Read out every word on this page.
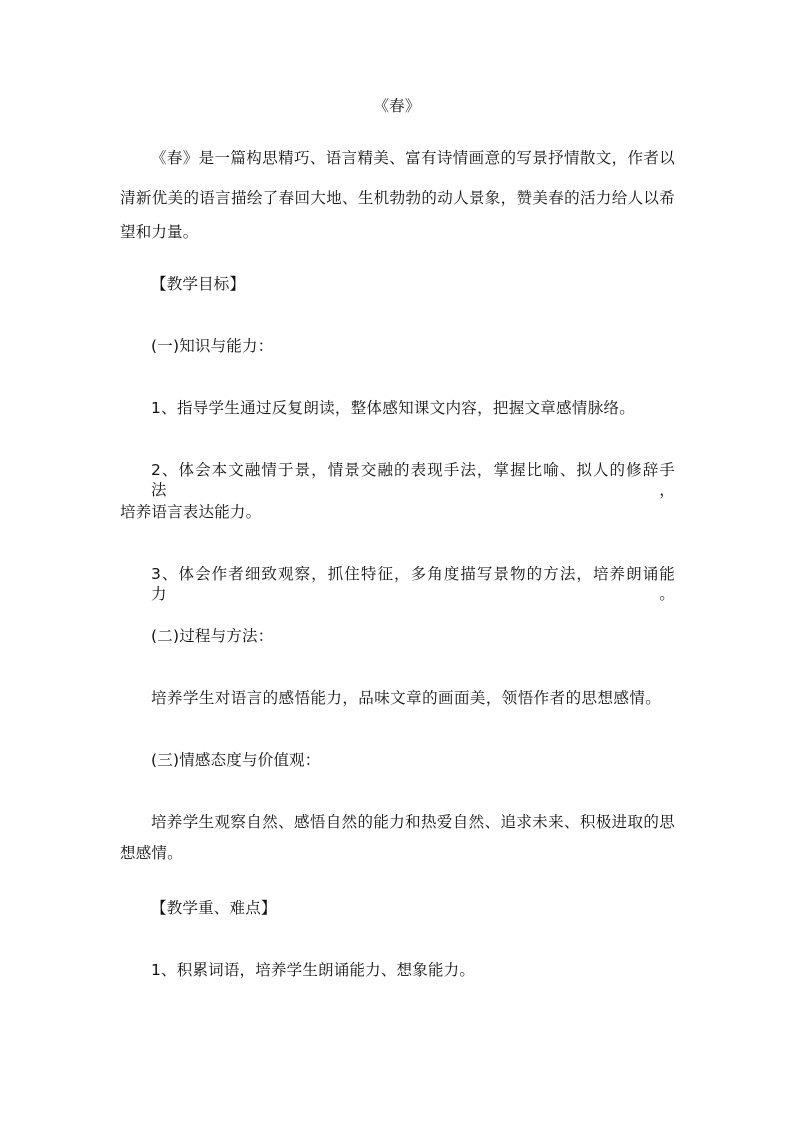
《春》
《春》是一篇构思精巧、语言精美、富有诗情画意的写景抒情散文，作者以
清新优美的语言描绘了春回大地、生机勃勃的动人景象，赞美春的活力给人以希
望和力量。
【教学目标】
(一)知识与能力：
1、指导学生通过反复朗读，整体感知课文内容，把握文章感情脉络。
2、体会本文融情于景，情景交融的表现手法，掌握比喻、拟人的修辞手法，
培养语言表达能力。
3、体会作者细致观察，抓住特征，多角度描写景物的方法，培养朗诵能力。
(二)过程与方法：
培养学生对语言的感悟能力，品味文章的画面美，领悟作者的思想感情。
(三)情感态度与价值观：
培养学生观察自然、感悟自然的能力和热爱自然、追求未来、积极进取的思
想感情。
【教学重、难点】
1、积累词语，培养学生朗诵能力、想象能力。
